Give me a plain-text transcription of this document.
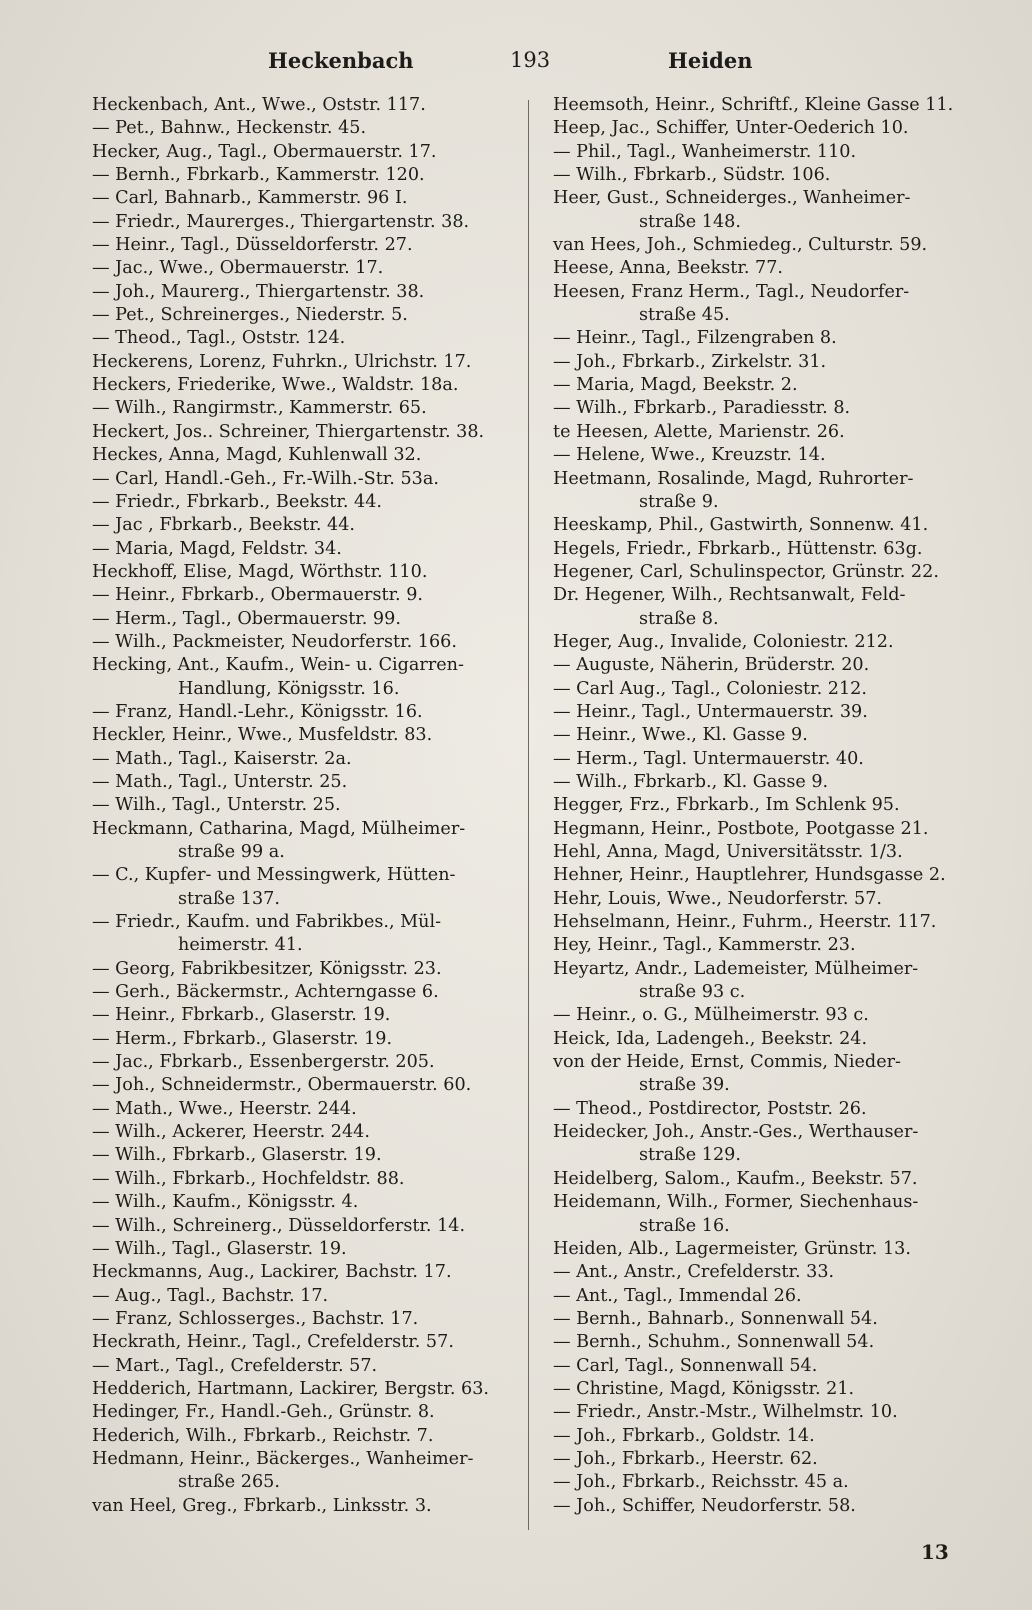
Heckenbach	193	Heiden
Heckenbach, Ant., Wwe., Oststr. 117.
— Pet., Bahnw., Heckenstr. 45.
Hecker, Aug., Tagl., Obermauerstr. 17.
— Bernh., Fbrkarb., Kammerstr. 120.
— Carl, Bahnarb., Kammerstr. 96 I.
— Friedr., Maurerges., Thiergartenstr. 38.
— Heinr., Tagl., Düsseldorferstr. 27.
— Jac., Wwe., Obermauerstr. 17.
— Joh., Maurerg., Thiergartenstr. 38.
— Pet., Schreinerges., Niederstr. 5.
— Theod., Tagl., Oststr. 124.
Heckerens, Lorenz, Fuhrkn., Ulrichstr. 17.
Heckers, Friederike, Wwe., Waldstr. 18a.
— Wilh., Rangirmstr., Kammerstr. 65.
Heckert, Jos.. Schreiner, Thiergartenstr. 38.
Heckes, Anna, Magd, Kuhlenwall 32.
— Carl, Handl.-Geh., Fr.-Wilh.-Str. 53a.
— Friedr., Fbrkarb., Beekstr. 44.
— Jac , Fbrkarb., Beekstr. 44.
— Maria, Magd, Feldstr. 34.
Heckhoff, Elise, Magd, Wörthstr. 110.
— Heinr., Fbrkarb., Obermauerstr. 9.
— Herm., Tagl., Obermauerstr. 99.
— Wilh., Packmeister, Neudorferstr. 166.
Hecking, Ant., Kaufm., Wein- u. Cigarren-
Handlung, Königsstr. 16.
— Franz, Handl.-Lehr., Königsstr. 16.
Heckler, Heinr., Wwe., Musfeldstr. 83.
— Math., Tagl., Kaiserstr. 2a.
— Math., Tagl., Unterstr. 25.
— Wilh., Tagl., Unterstr. 25.
Heckmann, Catharina, Magd, Mülheimer-
straße 99 a.
— C., Kupfer- und Messingwerk, Hütten-
straße 137.
— Friedr., Kaufm. und Fabrikbes., Mül-
heimerstr. 41.
— Georg, Fabrikbesitzer, Königsstr. 23.
— Gerh., Bäckermstr., Achterngasse 6.
— Heinr., Fbrkarb., Glaserstr. 19.
— Herm., Fbrkarb., Glaserstr. 19.
— Jac., Fbrkarb., Essenbergerstr. 205.
— Joh., Schneidermstr., Obermauerstr. 60.
— Math., Wwe., Heerstr. 244.
— Wilh., Ackerer, Heerstr. 244.
— Wilh., Fbrkarb., Glaserstr. 19.
— Wilh., Fbrkarb., Hochfeldstr. 88.
— Wilh., Kaufm., Königsstr. 4.
— Wilh., Schreinerg., Düsseldorferstr. 14.
— Wilh., Tagl., Glaserstr. 19.
Heckmanns, Aug., Lackirer, Bachstr. 17.
— Aug., Tagl., Bachstr. 17.
— Franz, Schlosserges., Bachstr. 17.
Heckrath, Heinr., Tagl., Crefelderstr. 57.
— Mart., Tagl., Crefelderstr. 57.
Hedderich, Hartmann, Lackirer, Bergstr. 63.
Hedinger, Fr., Handl.-Geh., Grünstr. 8.
Hederich, Wilh., Fbrkarb., Reichstr. 7.
Hedmann, Heinr., Bäckerges., Wanheimer-
straße 265.
van Heel, Greg., Fbrkarb., Linksstr. 3.
Heemsoth, Heinr., Schriftf., Kleine Gasse 11.
Heep, Jac., Schiffer, Unter-Oederich 10.
— Phil., Tagl., Wanheimerstr. 110.
— Wilh., Fbrkarb., Südstr. 106.
Heer, Gust., Schneiderges., Wanheimer-
straße 148.
van Hees, Joh., Schmiedeg., Culturstr. 59.
Heese, Anna, Beekstr. 77.
Heesen, Franz Herm., Tagl., Neudorfer-
straße 45.
— Heinr., Tagl., Filzengraben 8.
— Joh., Fbrkarb., Zirkelstr. 31.
— Maria, Magd, Beekstr. 2.
— Wilh., Fbrkarb., Paradiesstr. 8.
te Heesen, Alette, Marienstr. 26.
— Helene, Wwe., Kreuzstr. 14.
Heetmann, Rosalinde, Magd, Ruhrorter-
straße 9.
Heeskamp, Phil., Gastwirth, Sonnenw. 41.
Hegels, Friedr., Fbrkarb., Hüttenstr. 63g.
Hegener, Carl, Schulinspector, Grünstr. 22.
Dr. Hegener, Wilh., Rechtsanwalt, Feld-
straße 8.
Heger, Aug., Invalide, Coloniestr. 212.
— Auguste, Näherin, Brüderstr. 20.
— Carl Aug., Tagl., Coloniestr. 212.
— Heinr., Tagl., Untermauerstr. 39.
— Heinr., Wwe., Kl. Gasse 9.
— Herm., Tagl. Untermauerstr. 40.
— Wilh., Fbrkarb., Kl. Gasse 9.
Hegger, Frz., Fbrkarb., Im Schlenk 95.
Hegmann, Heinr., Postbote, Pootgasse 21.
Hehl, Anna, Magd, Universitätsstr. 1/3.
Hehner, Heinr., Hauptlehrer, Hundsgasse 2.
Hehr, Louis, Wwe., Neudorferstr. 57.
Hehselmann, Heinr., Fuhrm., Heerstr. 117.
Hey, Heinr., Tagl., Kammerstr. 23.
Heyartz, Andr., Lademeister, Mülheimer-
straße 93 c.
— Heinr., o. G., Mülheimerstr. 93 c.
Heick, Ida, Ladengeh., Beekstr. 24.
von der Heide, Ernst, Commis, Nieder-
straße 39.
— Theod., Postdirector, Poststr. 26.
Heidecker, Joh., Anstr.-Ges., Werthauser-
straße 129.
Heidelberg, Salom., Kaufm., Beekstr. 57.
Heidemann, Wilh., Former, Siechenhaus-
straße 16.
Heiden, Alb., Lagermeister, Grünstr. 13.
— Ant., Anstr., Crefelderstr. 33.
— Ant., Tagl., Immendal 26.
— Bernh., Bahnarb., Sonnenwall 54.
— Bernh., Schuhm., Sonnenwall 54.
— Carl, Tagl., Sonnenwall 54.
— Christine, Magd, Königsstr. 21.
— Friedr., Anstr.-Mstr., Wilhelmstr. 10.
— Joh., Fbrkarb., Goldstr. 14.
— Joh., Fbrkarb., Heerstr. 62.
— Joh., Fbrkarb., Reichsstr. 45 a.
— Joh., Schiffer, Neudorferstr. 58.
13
